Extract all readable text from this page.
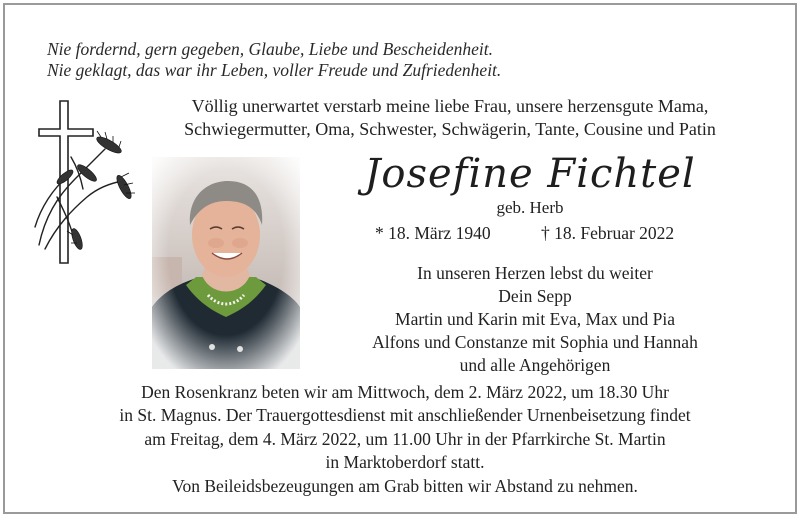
Nie fordernd, gern gegeben, Glaube, Liebe und Bescheidenheit.
Nie geklagt, das war ihr Leben, voller Freude und Zufriedenheit.
Völlig unerwartet verstarb meine liebe Frau, unsere herzensgute Mama,
Schwiegermutter, Oma, Schwester, Schwägerin, Tante, Cousine und Patin
Josefine Fichtel
geb. Herb
* 18. März 1940	† 18. Februar 2022
In unseren Herzen lebst du weiter
Dein Sepp
Martin und Karin mit Eva, Max und Pia
Alfons und Constanze mit Sophia und Hannah
und alle Angehörigen
Den Rosenkranz beten wir am Mittwoch, dem 2. März 2022, um 18.30 Uhr
in St. Magnus. Der Trauergottesdienst mit anschließender Urnenbeisetzung findet
am Freitag, dem 4. März 2022, um 11.00 Uhr in der Pfarrkirche St. Martin
in Marktoberdorf statt.
Von Beileidsbezeugungen am Grab bitten wir Abstand zu nehmen.
